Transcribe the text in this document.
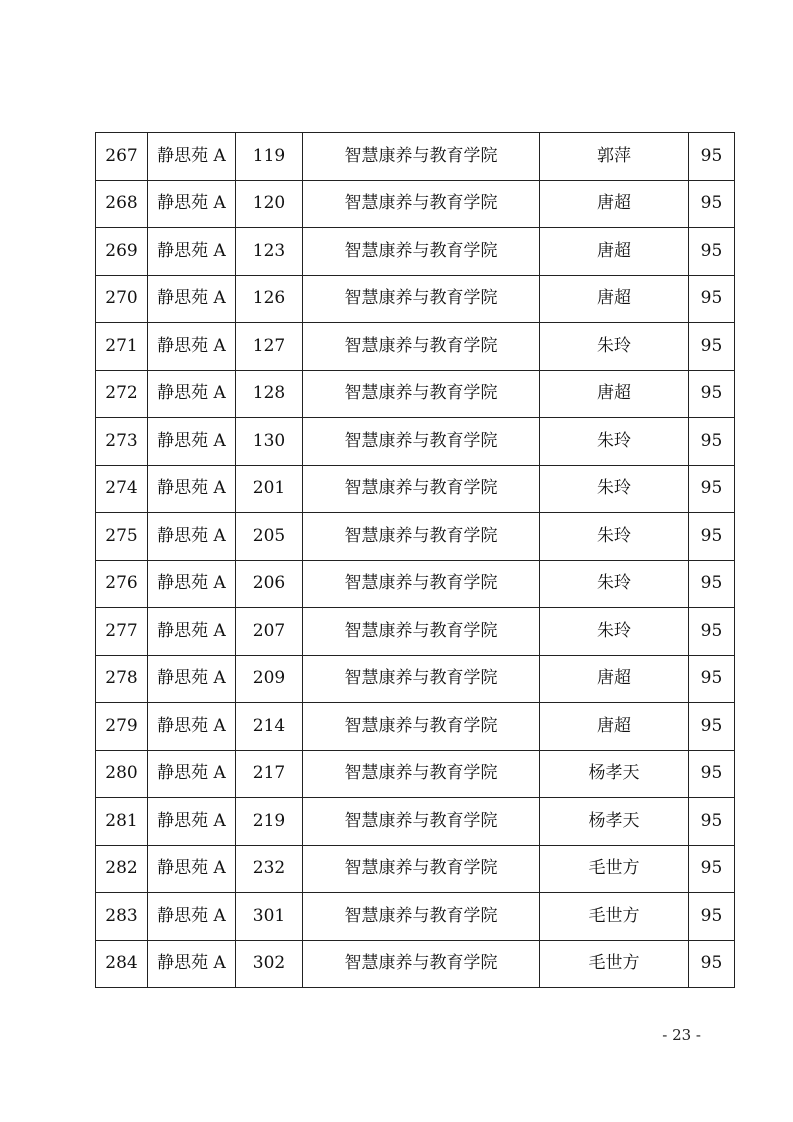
267	静思苑 A	119	智慧康养与教育学院	郭萍	95
268	静思苑 A	120	智慧康养与教育学院	唐超	95
269	静思苑 A	123	智慧康养与教育学院	唐超	95
270	静思苑 A	126	智慧康养与教育学院	唐超	95
271	静思苑 A	127	智慧康养与教育学院	朱玲	95
272	静思苑 A	128	智慧康养与教育学院	唐超	95
273	静思苑 A	130	智慧康养与教育学院	朱玲	95
274	静思苑 A	201	智慧康养与教育学院	朱玲	95
275	静思苑 A	205	智慧康养与教育学院	朱玲	95
276	静思苑 A	206	智慧康养与教育学院	朱玲	95
277	静思苑 A	207	智慧康养与教育学院	朱玲	95
278	静思苑 A	209	智慧康养与教育学院	唐超	95
279	静思苑 A	214	智慧康养与教育学院	唐超	95
280	静思苑 A	217	智慧康养与教育学院	杨孝天	95
281	静思苑 A	219	智慧康养与教育学院	杨孝天	95
282	静思苑 A	232	智慧康养与教育学院	毛世方	95
283	静思苑 A	301	智慧康养与教育学院	毛世方	95
284	静思苑 A	302	智慧康养与教育学院	毛世方	95
- 23 -
